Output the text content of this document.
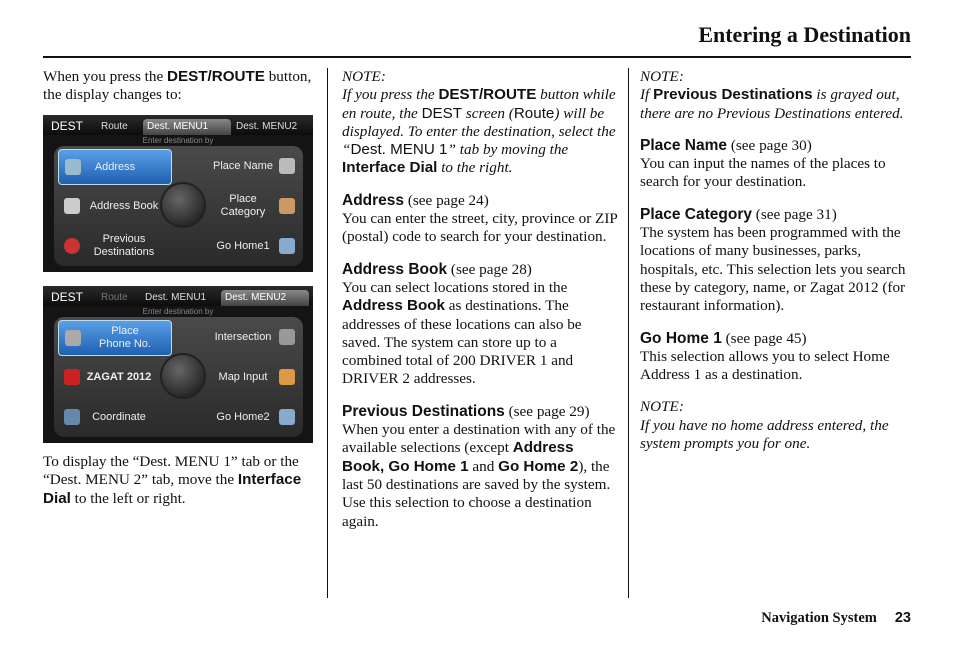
Entering a Destination

When you press the DEST/ROUTE button, the display changes to:

DEST	Route	Dest. MENU1	Dest. MENU2
Enter destination by
Address	Place Name
Address Book
Place Category
Previous Destinations
Go Home1
DEST	Route	Dest. MENU1	Dest. MENU2
Enter destination by
Place Phone No.
Intersection
ZAGAT 2012	Map Input
Coordinate	Go Home2

To display the “Dest. MENU 1” tab or the “Dest. MENU 2” tab, move the Interface Dial to the left or right.

NOTE:

If you press the DEST/ROUTE button while en route, the DEST screen (Route) will be displayed. To enter the destination, select the “Dest. MENU 1” tab by moving the Interface Dial to the right.

Address (see page 24)

You can enter the street, city, province or ZIP (postal) code to search for your destination.

Address Book (see page 28)

You can select locations stored in the Address Book as destinations. The addresses of these locations can also be saved. The system can store up to a combined total of 200 DRIVER 1 and DRIVER 2 addresses.

Previous Destinations (see page 29)

When you enter a destination with any of the available selections (except Address Book, Go Home 1 and Go Home 2), the last 50 destinations are saved by the system. Use this selection to choose a destination again.

NOTE:

If Previous Destinations is grayed out, there are no Previous Destinations entered.

Place Name (see page 30)

You can input the names of the places to search for your destination.

Place Category (see page 31)

The system has been programmed with the locations of many businesses, parks, hospitals, etc. This selection lets you search these by category, name, or Zagat 2012 (for restaurant information).

Go Home 1 (see page 45)

This selection allows you to select Home Address 1 as a destination.

NOTE:

If you have no home address entered, the system prompts you for one.

Navigation System 23
